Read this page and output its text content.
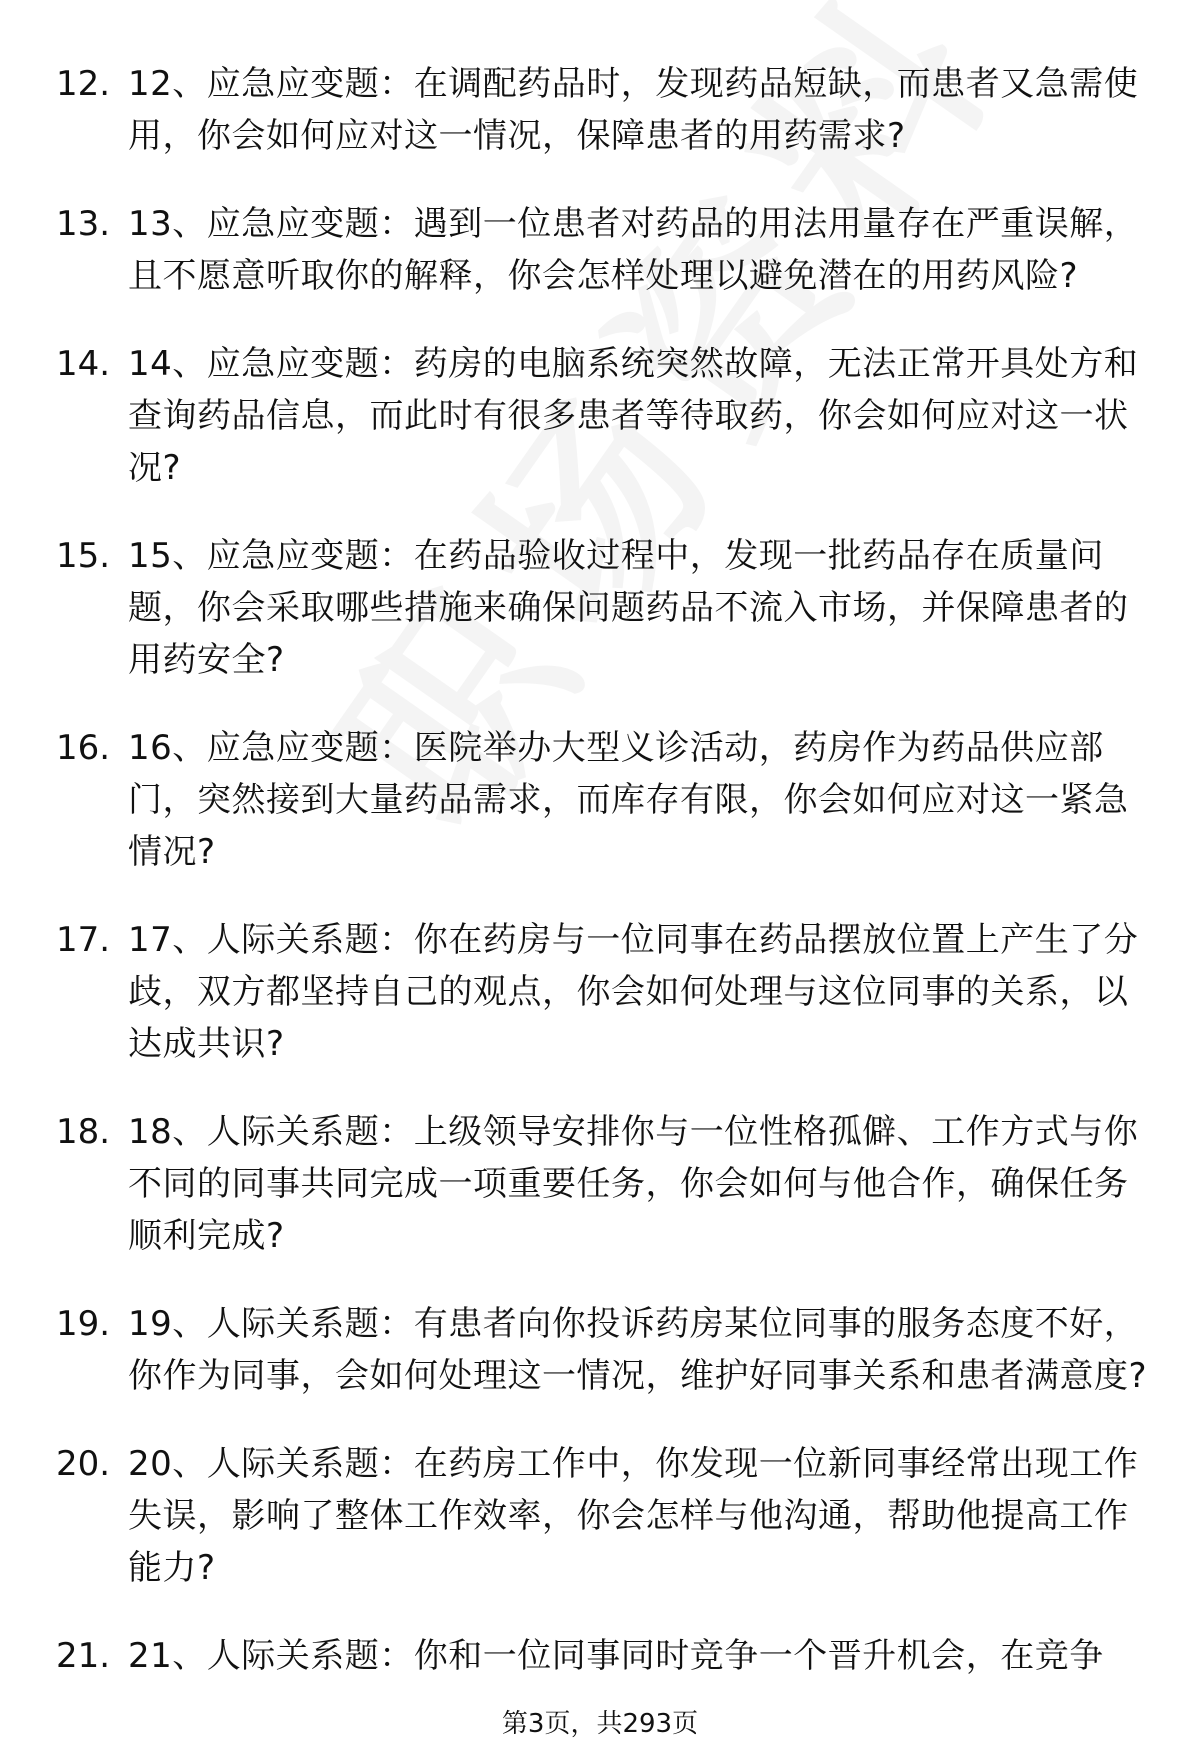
12. 12、应急应变题：在调配药品时，发现药品短缺，而患者又急需使用，你会如何应对这一情况，保障患者的用药需求?
13. 13、应急应变题：遇到一位患者对药品的用法用量存在严重误解，且不愿意听取你的解释，你会怎样处理以避免潜在的用药风险?
14. 14、应急应变题：药房的电脑系统突然故障，无法正常开具处方和查询药品信息，而此时有很多患者等待取药，你会如何应对这一状况?
15. 15、应急应变题：在药品验收过程中，发现一批药品存在质量问题，你会采取哪些措施来确保问题药品不流入市场，并保障患者的用药安全?
16. 16、应急应变题：医院举办大型义诊活动，药房作为药品供应部门，突然接到大量药品需求，而库存有限，你会如何应对这一紧急情况?
17. 17、人际关系题：你在药房与一位同事在药品摆放位置上产生了分歧，双方都坚持自己的观点，你会如何处理与这位同事的关系，以达成共识?
18. 18、人际关系题：上级领导安排你与一位性格孤僻、工作方式与你不同的同事共同完成一项重要任务，你会如何与他合作，确保任务顺利完成?
19. 19、人际关系题：有患者向你投诉药房某位同事的服务态度不好，你作为同事，会如何处理这一情况，维护好同事关系和患者满意度?
20. 20、人际关系题：在药房工作中，你发现一位新同事经常出现工作失误，影响了整体工作效率，你会怎样与他沟通，帮助他提高工作能力?
21. 21、人际关系题：你和一位同事同时竞争一个晋升机会，在竞争
第3页，共293页
